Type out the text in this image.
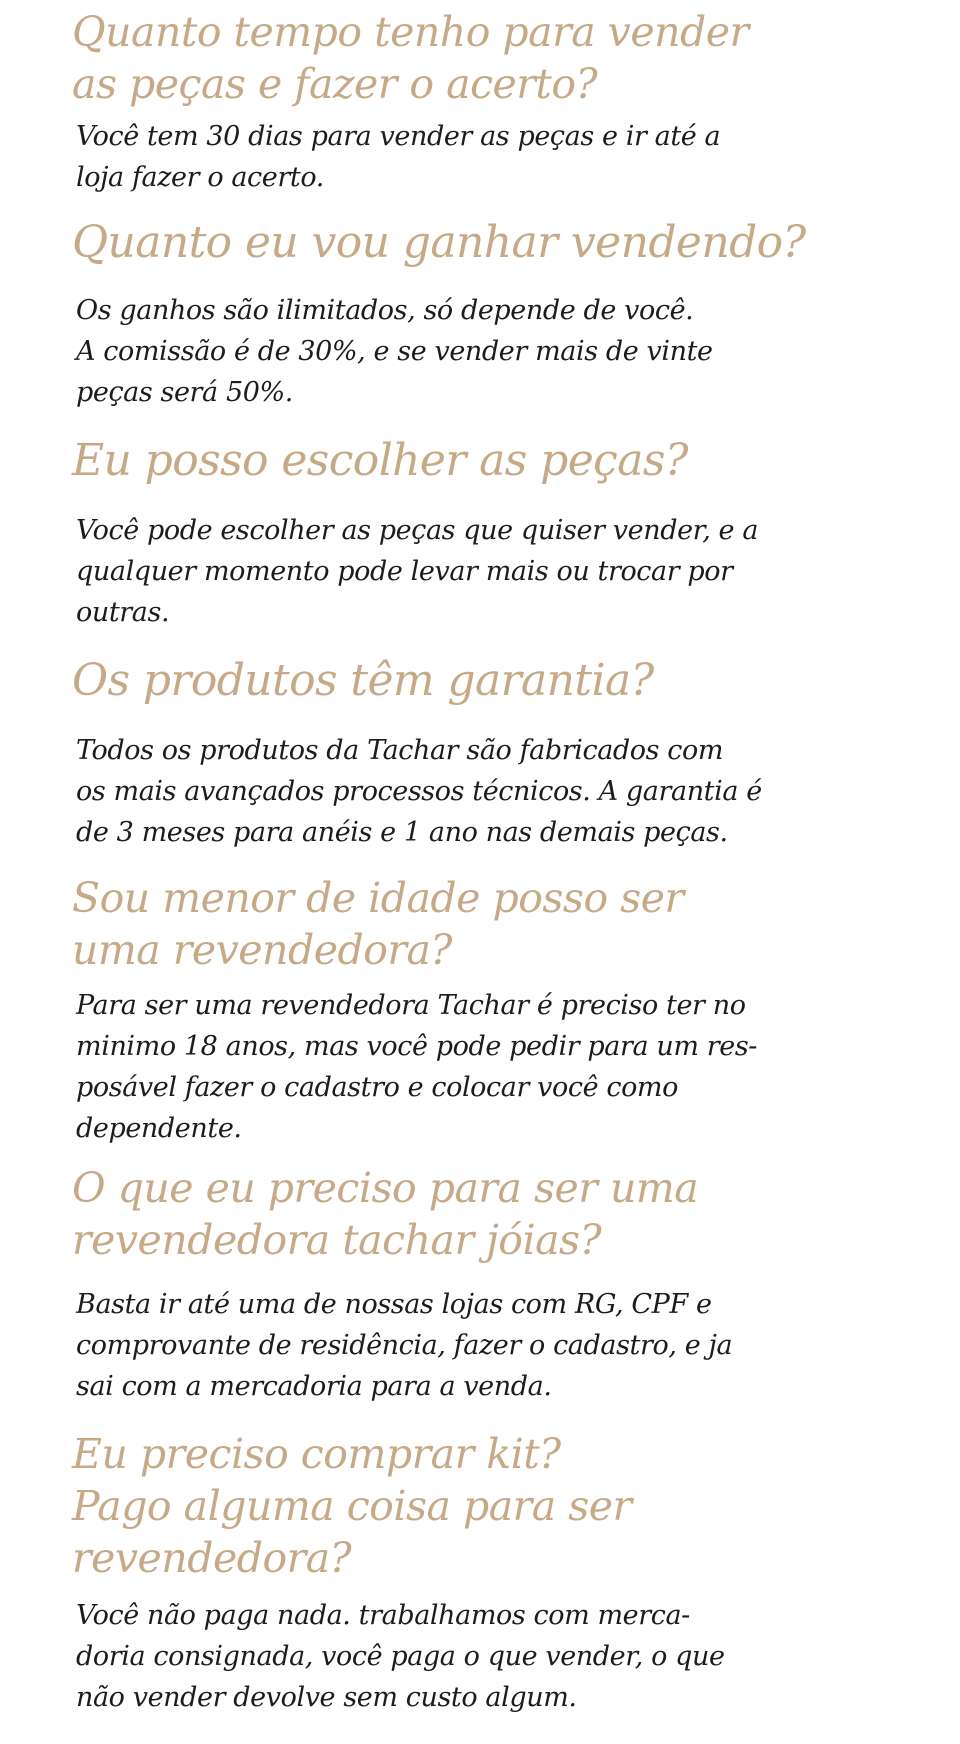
Quanto tempo tenho para vender
as peças e fazer o acerto?

Você tem 30 dias para vender as peças e ir até a
loja fazer o acerto.

Quanto eu vou ganhar vendendo?

Os ganhos são ilimitados, só depende de você.
A comissão é de 30%, e se vender mais de vinte
peças será 50%.

Eu posso escolher as peças?

Você pode escolher as peças que quiser vender, e a
qualquer momento pode levar mais ou trocar por
outras.

Os produtos têm garantia?

Todos os produtos da Tachar são fabricados com
os mais avançados processos técnicos. A garantia é
de 3 meses para anéis e 1 ano nas demais peças.

Sou menor de idade posso ser
uma revendedora?

Para ser uma revendedora Tachar é preciso ter no
minimo 18 anos, mas você pode pedir para um res-
posável fazer o cadastro e colocar você como
dependente.

O que eu preciso para ser uma
revendedora tachar jóias?

Basta ir até uma de nossas lojas com RG, CPF e
comprovante de residência, fazer o cadastro, e ja
sai com a mercadoria para a venda.

Eu preciso comprar kit?
Pago alguma coisa para ser
revendedora?

Você não paga nada. trabalhamos com merca-
doria consignada, você paga o que vender, o que
não vender devolve sem custo algum.
